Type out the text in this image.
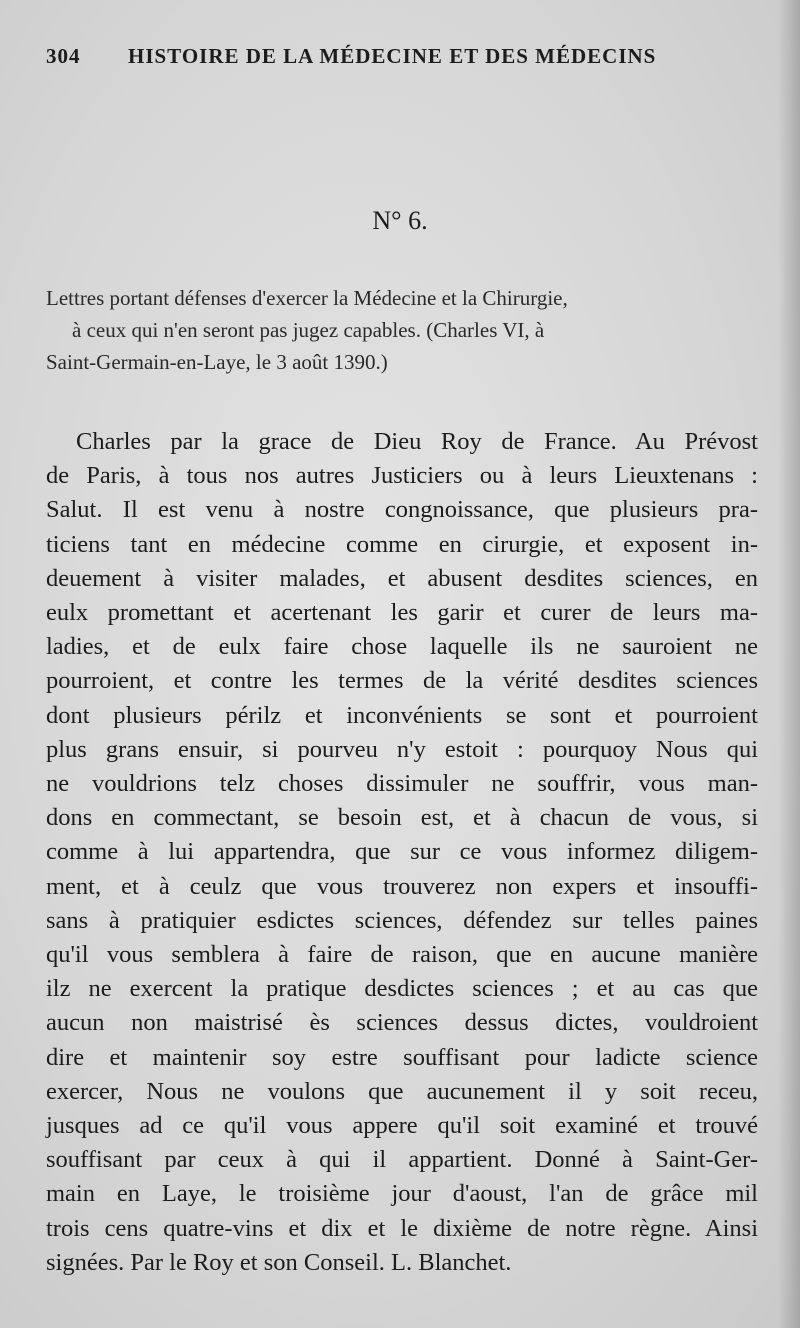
304 HISTOIRE DE LA MÉDECINE ET DES MÉDECINS
N° 6.
Lettres portant défenses d'exercer la Médecine et la Chirurgie,
à ceux qui n'en seront pas jugez capables. (Charles VI, à
Saint-Germain-en-Laye, le 3 août 1390.)
Charles par la grace de Dieu Roy de France. Au Prévost
de Paris, à tous nos autres Justiciers ou à leurs Lieuxtenans :
Salut. Il est venu à nostre congnoissance, que plusieurs pra-
ticiens tant en médecine comme en cirurgie, et exposent in-
deuement à visiter malades, et abusent desdites sciences, en
eulx promettant et acertenant les garir et curer de leurs ma-
ladies, et de eulx faire chose laquelle ils ne sauroient ne
pourroient, et contre les termes de la vérité desdites sciences
dont plusieurs périlz et inconvénients se sont et pourroient
plus grans ensuir, si pourveu n'y estoit : pourquoy Nous qui
ne vouldrions telz choses dissimuler ne souffrir, vous man-
dons en commectant, se besoin est, et à chacun de vous, si
comme à lui appartendra, que sur ce vous informez diligem-
ment, et à ceulz que vous trouverez non expers et insouffi-
sans à pratiquier esdictes sciences, défendez sur telles paines
qu'il vous semblera à faire de raison, que en aucune manière
ilz ne exercent la pratique desdictes sciences ; et au cas que
aucun non maistrisé ès sciences dessus dictes, vouldroient
dire et maintenir soy estre souffisant pour ladicte science
exercer, Nous ne voulons que aucunement il y soit receu,
jusques ad ce qu'il vous appere qu'il soit examiné et trouvé
souffisant par ceux à qui il appartient. Donné à Saint-Ger-
main en Laye, le troisième jour d'aoust, l'an de grâce mil
trois cens quatre-vins et dix et le dixième de notre règne. Ainsi
signées. Par le Roy et son Conseil. L. Blanchet.
